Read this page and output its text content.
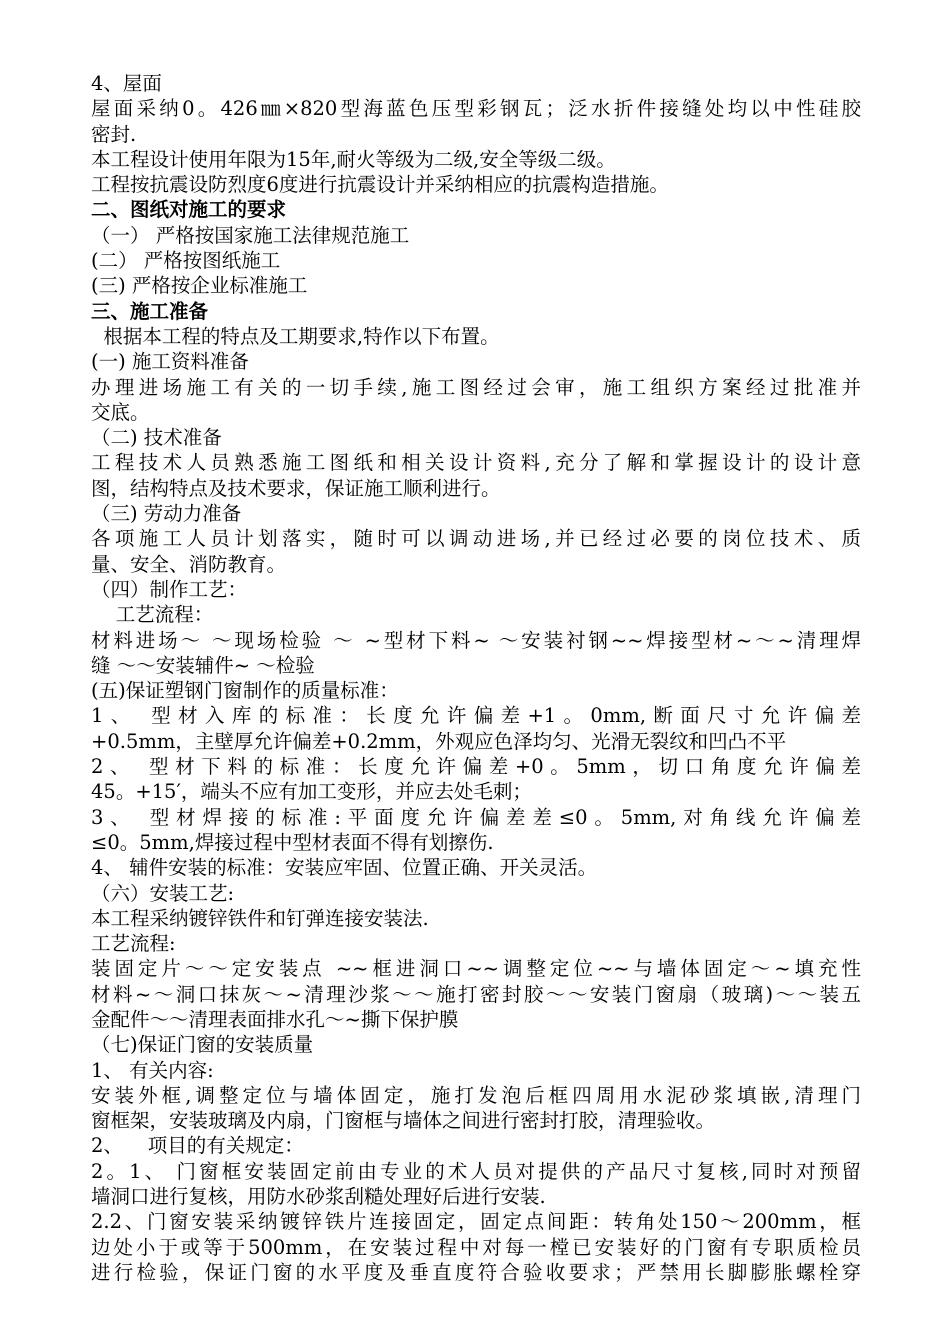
4、屋面
屋面采纳0。426㎜×820型海蓝色压型彩钢瓦；泛水折件接缝处均以中性硅胶
密封.
本工程设计使用年限为15年,耐火等级为二级,安全等级二级。
工程按抗震设防烈度6度进行抗震设计并采纳相应的抗震构造措施。
二、图纸对施工的要求
（一） 严格按国家施工法律规范施工
(二） 严格按图纸施工
(三) 严格按企业标准施工
三、施工准备
根据本工程的特点及工期要求,特作以下布置。
(一) 施工资料准备
办理进场施工有关的一切手续,施工图经过会审，施工组织方案经过批准并
交底。
（二) 技术准备
工程技术人员熟悉施工图纸和相关设计资料,充分了解和掌握设计的设计意
图，结构特点及技术要求，保证施工顺利进行。
（三) 劳动力准备
各项施工人员计划落实，随时可以调动进场,并已经过必要的岗位技术、质
量、安全、消防教育。
（四）制作工艺：
工艺流程：
材料进场～ ～现场检验 ～ ~型材下料~ ～安装衬钢~~焊接型材~～~清理焊
缝 ～～安装辅件~ ～检验
(五)保证塑钢门窗制作的质量标准：
1、 型材入库的标准：长度允许偏差+1。0mm,断面尺寸允许偏差
+0.5mm，主壁厚允许偏差+0.2mm，外观应色泽均匀、光滑无裂纹和凹凸不平
2、 型材下料的标准：长度允许偏差+0。5mm，切口角度允许偏差
45。+15′，端头不应有加工变形，并应去处毛刺；
3、 型材焊接的标准:平面度允许偏差差≤0。5mm,对角线允许偏差
≤0。5mm,焊接过程中型材表面不得有划擦伤.
4、 辅件安装的标准：安装应牢固、位置正确、开关灵活。
（六）安装工艺:
本工程采纳镀锌铁件和钉弹连接安装法.
工艺流程:
装固定片～～定安装点 ~~框进洞口~~调整定位~~与墙体固定～~填充性
材料~～洞口抹灰～~清理沙浆～～施打密封胶～～安装门窗扇（玻璃)～～装五
金配件～～清理表面排水孔～~撕下保护膜
（七)保证门窗的安装质量
1、 有关内容:
安装外框,调整定位与墙体固定，施打发泡后框四周用水泥砂浆填嵌,清理门
窗框架，安装玻璃及内扇，门窗框与墙体之间进行密封打胶，清理验收。
2、    项目的有关规定：
2。1、 门窗框安装固定前由专业的术人员对提供的产品尺寸复核,同时对预留
墙洞口进行复核，用防水砂浆刮糙处理好后进行安装.
2.2、门窗安装采纳镀锌铁片连接固定，固定点间距：转角处150～200mm，框
边处小于或等于500mm，在安装过程中对每一樘已安装好的门窗有专职质检员
进行检验，保证门窗的水平度及垂直度符合验收要求；严禁用长脚膨胀螺栓穿
